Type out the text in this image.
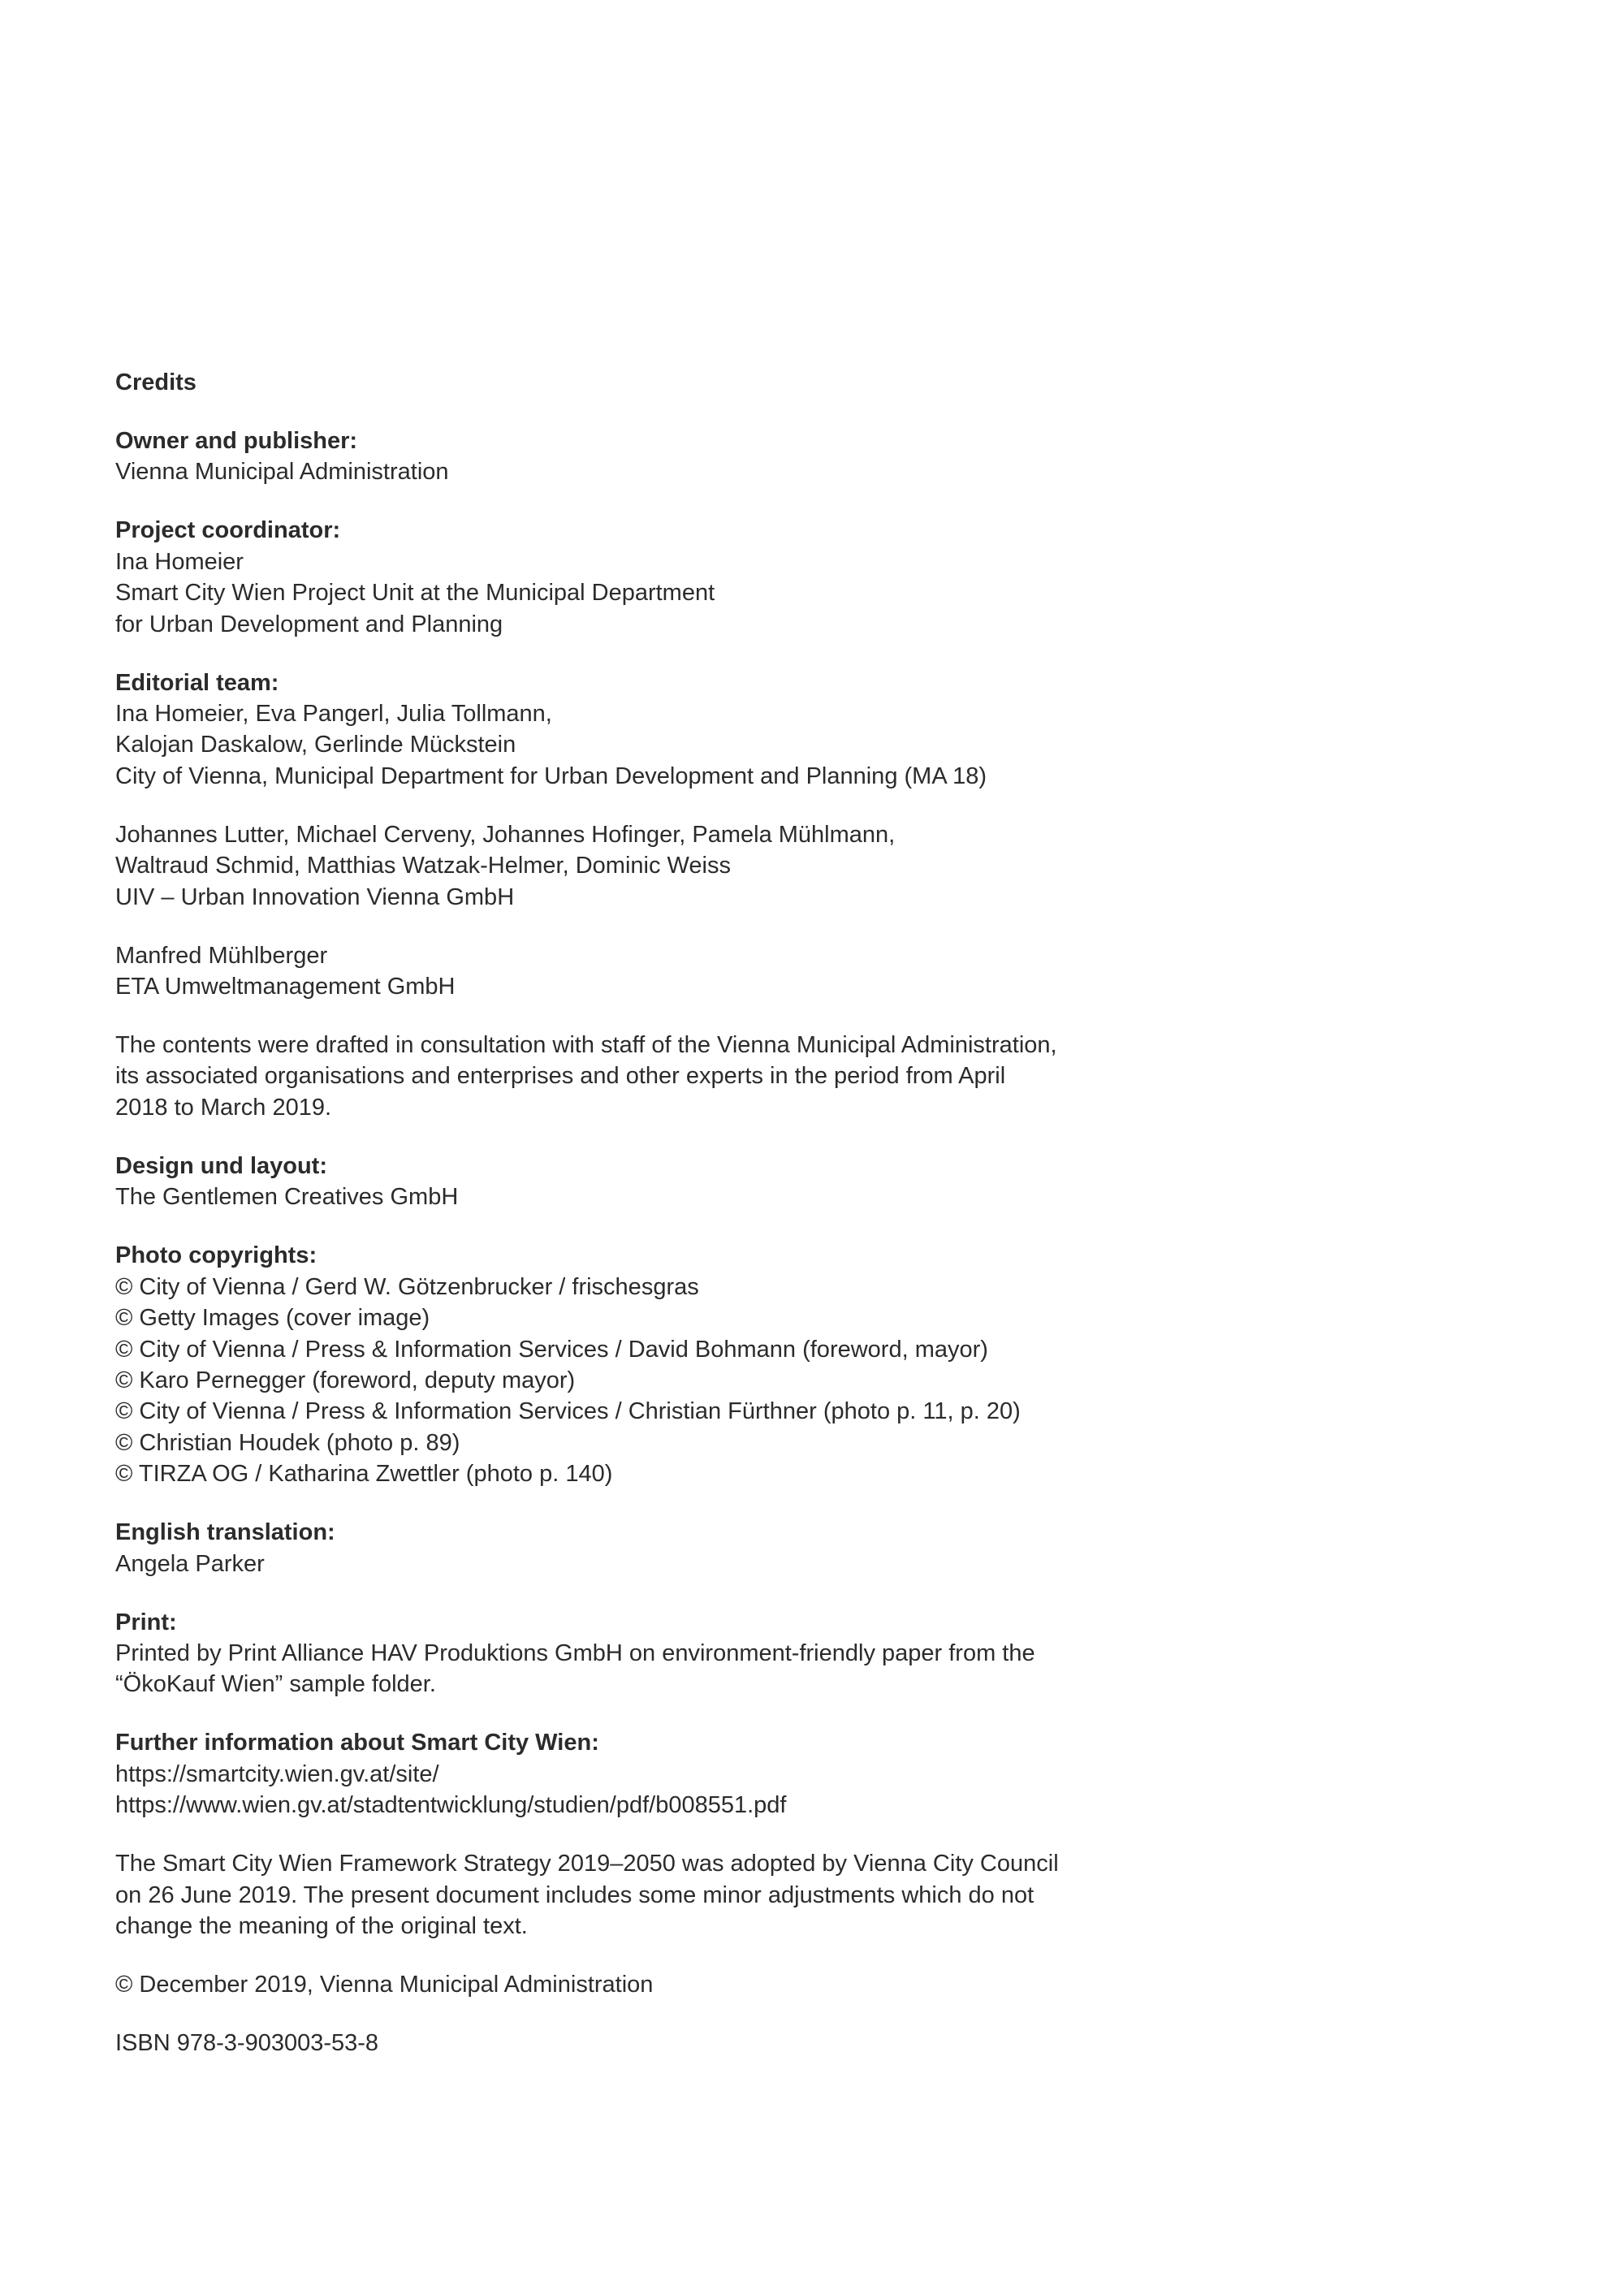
Credits
Owner and publisher:
Vienna Municipal Administration
Project coordinator:
Ina Homeier
Smart City Wien Project Unit at the Municipal Department
for Urban Development and Planning
Editorial team:
Ina Homeier, Eva Pangerl, Julia Tollmann,
Kalojan Daskalow, Gerlinde Mückstein
City of Vienna, Municipal Department for Urban Development and Planning (MA 18)
Johannes Lutter, Michael Cerveny, Johannes Hofinger, Pamela Mühlmann,
Waltraud Schmid, Matthias Watzak-Helmer, Dominic Weiss
UIV – Urban Innovation Vienna GmbH
Manfred Mühlberger
ETA Umweltmanagement GmbH
The contents were drafted in consultation with staff of the Vienna Municipal Administration,
its associated organisations and enterprises and other experts in the period from April
2018 to March 2019.
Design und layout:
The Gentlemen Creatives GmbH
Photo copyrights:
© City of Vienna / Gerd W. Götzenbrucker / frischesgras
© Getty Images (cover image)
© City of Vienna / Press & Information Services / David Bohmann (foreword, mayor)
© Karo Pernegger (foreword, deputy mayor)
© City of Vienna / Press & Information Services / Christian Fürthner (photo p. 11, p. 20)
© Christian Houdek (photo p. 89)
© TIRZA OG / Katharina Zwettler (photo p. 140)
English translation:
Angela Parker
Print:
Printed by Print Alliance HAV Produktions GmbH on environment-friendly paper from the
“ÖkoKauf Wien” sample folder.
Further information about Smart City Wien:
https://smartcity.wien.gv.at/site/
https://www.wien.gv.at/stadtentwicklung/studien/pdf/b008551.pdf
The Smart City Wien Framework Strategy 2019–2050 was adopted by Vienna City Council
on 26 June 2019. The present document includes some minor adjustments which do not
change the meaning of the original text.
© December 2019, Vienna Municipal Administration
ISBN 978-3-903003-53-8
